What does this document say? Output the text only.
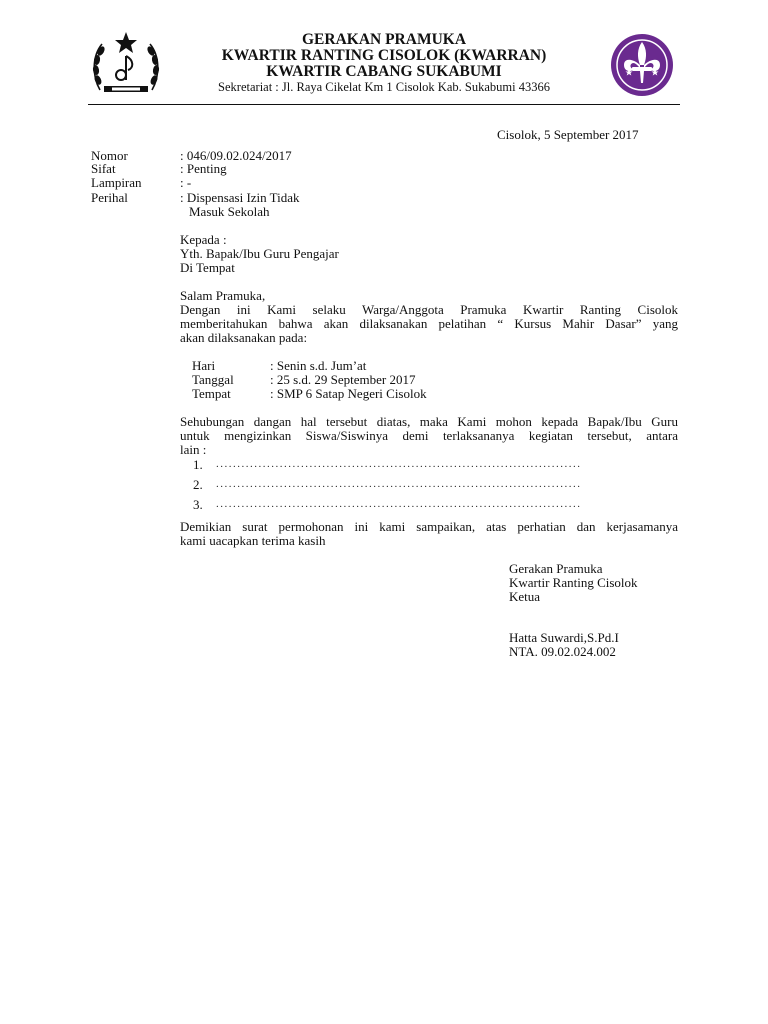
GERAKAN PRAMUKA
KWARTIR RANTING CISOLOK (KWARRAN)
KWARTIR CABANG SUKABUMI
Sekretariat : Jl. Raya Cikelat Km 1 Cisolok Kab. Sukabumi 43366
Cisolok, 5 September 2017
Nomor	: 046/09.02.024/2017
Sifat	: Penting
Lampiran	: -
Perihal	: Dispensasi Izin Tidak
Masuk Sekolah
Kepada :
Yth. Bapak/Ibu Guru Pengajar
Di Tempat
Salam Pramuka,
Dengan ini Kami selaku Warga/Anggota Pramuka Kwartir Ranting Cisolok
memberitahukan bahwa akan dilaksanakan pelatihan “ Kursus Mahir Dasar” yang
akan dilaksanakan pada:
Hari	: Senin s.d. Jum’at
Tanggal	: 25 s.d. 29 September 2017
Tempat	: SMP 6 Satap Negeri Cisolok
Sehubungan dangan hal tersebut diatas, maka Kami mohon kepada Bapak/Ibu Guru
untuk mengizinkan Siswa/Siswinya demi terlaksananya kegiatan tersebut, antara
lain :
1. ......................................................................................
2. ......................................................................................
3. ......................................................................................
Demikian surat permohonan ini kami sampaikan, atas perhatian dan kerjasamanya
kami uacapkan terima kasih
Gerakan Pramuka
Kwartir Ranting Cisolok
Ketua
Hatta Suwardi,S.Pd.I
NTA. 09.02.024.002
